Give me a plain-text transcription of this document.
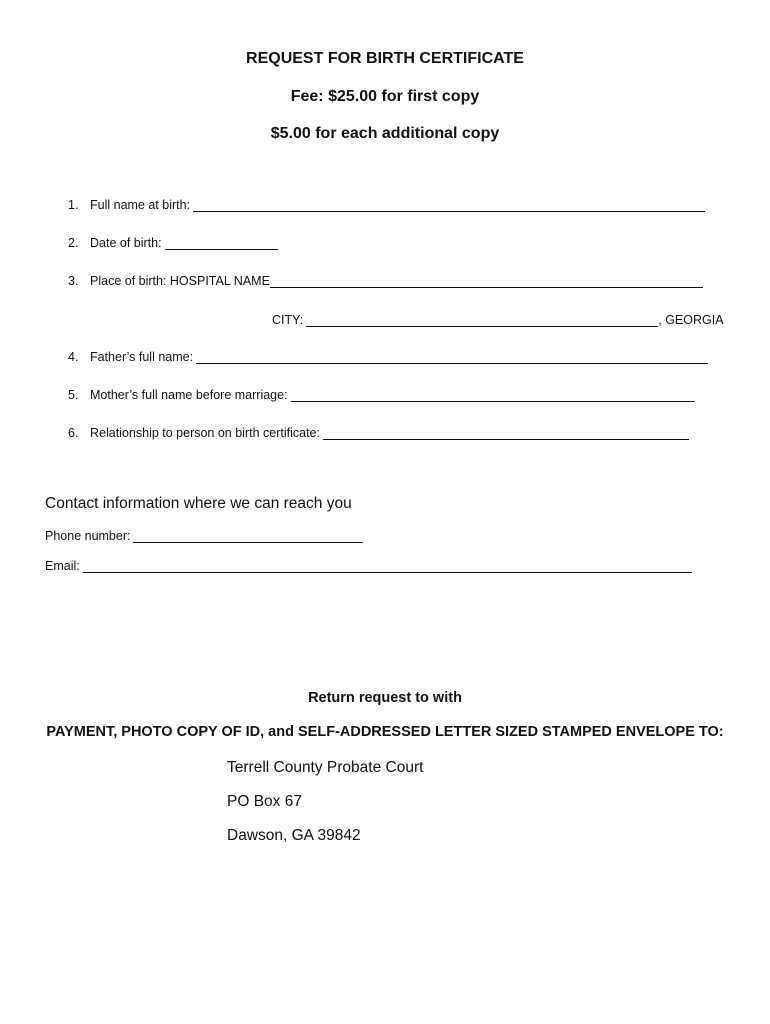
REQUEST FOR BIRTH CERTIFICATE
Fee: $25.00 for first copy
$5.00 for each additional copy
1. Full name at birth:
2. Date of birth:
3. Place of birth: HOSPITAL NAME
CITY:	, GEORGIA
4. Father’s full name:
5. Mother’s full name before marriage:
6. Relationship to person on birth certificate:
Contact information where we can reach you
Phone number:
Email:
Return request to with
PAYMENT, PHOTO COPY OF ID, and SELF-ADDRESSED LETTER SIZED STAMPED ENVELOPE TO:
Terrell County Probate Court
PO Box 67
Dawson, GA 39842
